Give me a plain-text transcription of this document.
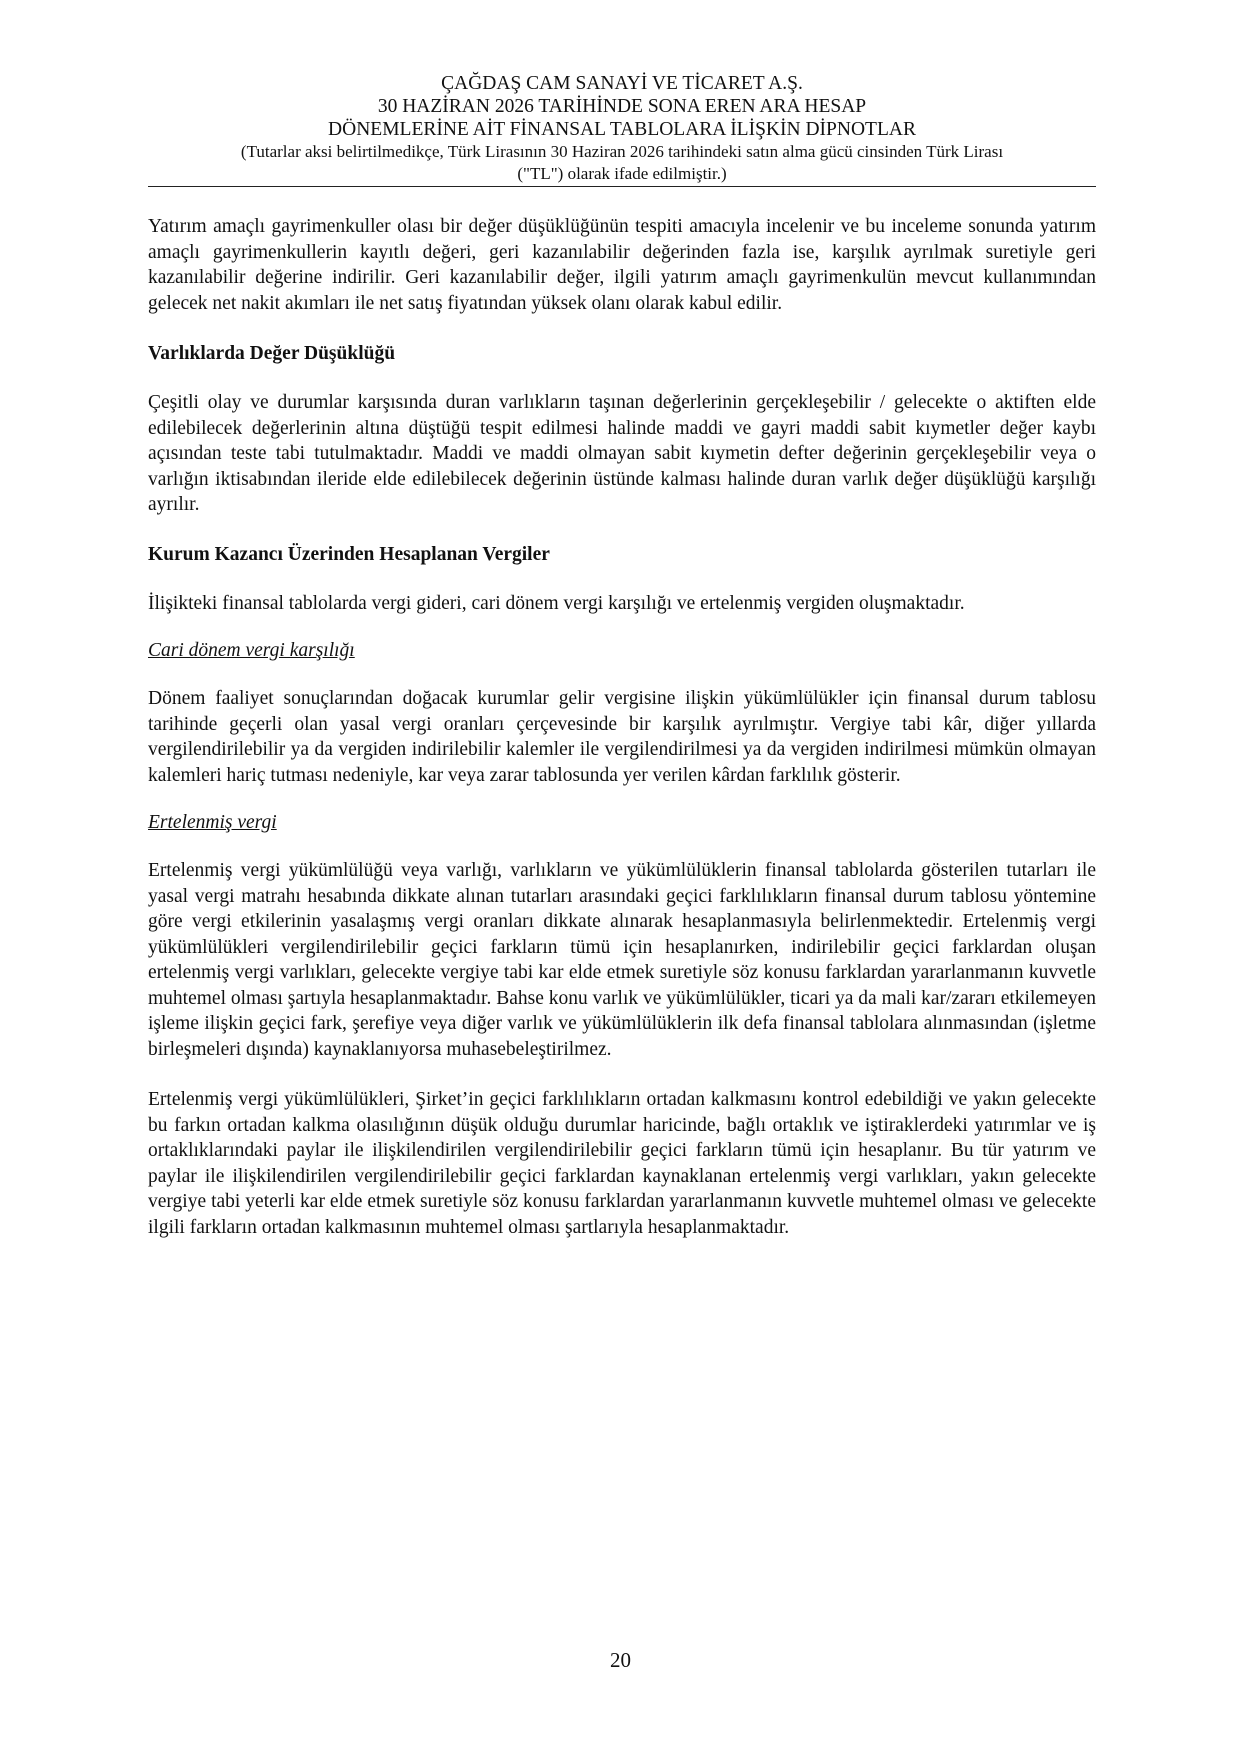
ÇAĞDAŞ CAM SANAYİ VE TİCARET A.Ş.
30 HAZİRAN 2026 TARİHİNDE SONA EREN ARA HESAP
DÖNEMLERİNE AİT FİNANSAL TABLOLARA İLİŞKİN DİPNOTLAR
(Tutarlar aksi belirtilmedikçe, Türk Lirasının 30 Haziran 2026 tarihindeki satın alma gücü cinsinden Türk Lirası
("TL") olarak ifade edilmiştir.)

Yatırım amaçlı gayrimenkuller olası bir değer düşüklüğünün tespiti amacıyla incelenir ve bu inceleme sonunda yatırım amaçlı gayrimenkullerin kayıtlı değeri, geri kazanılabilir değerinden fazla ise, karşılık ayrılmak suretiyle geri kazanılabilir değerine indirilir. Geri kazanılabilir değer, ilgili yatırım amaçlı gayrimenkulün mevcut kullanımından gelecek net nakit akımları ile net satış fiyatından yüksek olanı olarak kabul edilir.

Varlıklarda Değer Düşüklüğü

Çeşitli olay ve durumlar karşısında duran varlıkların taşınan değerlerinin gerçekleşebilir / gelecekte o aktiften elde edilebilecek değerlerinin altına düştüğü tespit edilmesi halinde maddi ve gayri maddi sabit kıymetler değer kaybı açısından teste tabi tutulmaktadır. Maddi ve maddi olmayan sabit kıymetin defter değerinin gerçekleşebilir veya o varlığın iktisabından ileride elde edilebilecek değerinin üstünde kalması halinde duran varlık değer düşüklüğü karşılığı ayrılır.

Kurum Kazancı Üzerinden Hesaplanan Vergiler

İlişikteki finansal tablolarda vergi gideri, cari dönem vergi karşılığı ve ertelenmiş vergiden oluşmaktadır.

Cari dönem vergi karşılığı

Dönem faaliyet sonuçlarından doğacak kurumlar gelir vergisine ilişkin yükümlülükler için finansal durum tablosu tarihinde geçerli olan yasal vergi oranları çerçevesinde bir karşılık ayrılmıştır. Vergiye tabi kâr, diğer yıllarda vergilendirilebilir ya da vergiden indirilebilir kalemler ile vergilendirilmesi ya da vergiden indirilmesi mümkün olmayan kalemleri hariç tutması nedeniyle, kar veya zarar tablosunda yer verilen kârdan farklılık gösterir.

Ertelenmiş vergi

Ertelenmiş vergi yükümlülüğü veya varlığı, varlıkların ve yükümlülüklerin finansal tablolarda gösterilen tutarları ile yasal vergi matrahı hesabında dikkate alınan tutarları arasındaki geçici farklılıkların finansal durum tablosu yöntemine göre vergi etkilerinin yasalaşmış vergi oranları dikkate alınarak hesaplanmasıyla belirlenmektedir. Ertelenmiş vergi yükümlülükleri vergilendirilebilir geçici farkların tümü için hesaplanırken, indirilebilir geçici farklardan oluşan ertelenmiş vergi varlıkları, gelecekte vergiye tabi kar elde etmek suretiyle söz konusu farklardan yararlanmanın kuvvetle muhtemel olması şartıyla hesaplanmaktadır. Bahse konu varlık ve yükümlülükler, ticari ya da mali kar/zararı etkilemeyen işleme ilişkin geçici fark, şerefiye veya diğer varlık ve yükümlülüklerin ilk defa finansal tablolara alınmasından (işletme birleşmeleri dışında) kaynaklanıyorsa muhasebeleştirilmez.

Ertelenmiş vergi yükümlülükleri, Şirket’in geçici farklılıkların ortadan kalkmasını kontrol edebildiği ve yakın gelecekte bu farkın ortadan kalkma olasılığının düşük olduğu durumlar haricinde, bağlı ortaklık ve iştiraklerdeki yatırımlar ve iş ortaklıklarındaki paylar ile ilişkilendirilen vergilendirilebilir geçici farkların tümü için hesaplanır. Bu tür yatırım ve paylar ile ilişkilendirilen vergilendirilebilir geçici farklardan kaynaklanan ertelenmiş vergi varlıkları, yakın gelecekte vergiye tabi yeterli kar elde etmek suretiyle söz konusu farklardan yararlanmanın kuvvetle muhtemel olması ve gelecekte ilgili farkların ortadan kalkmasının muhtemel olması şartlarıyla hesaplanmaktadır.

20
